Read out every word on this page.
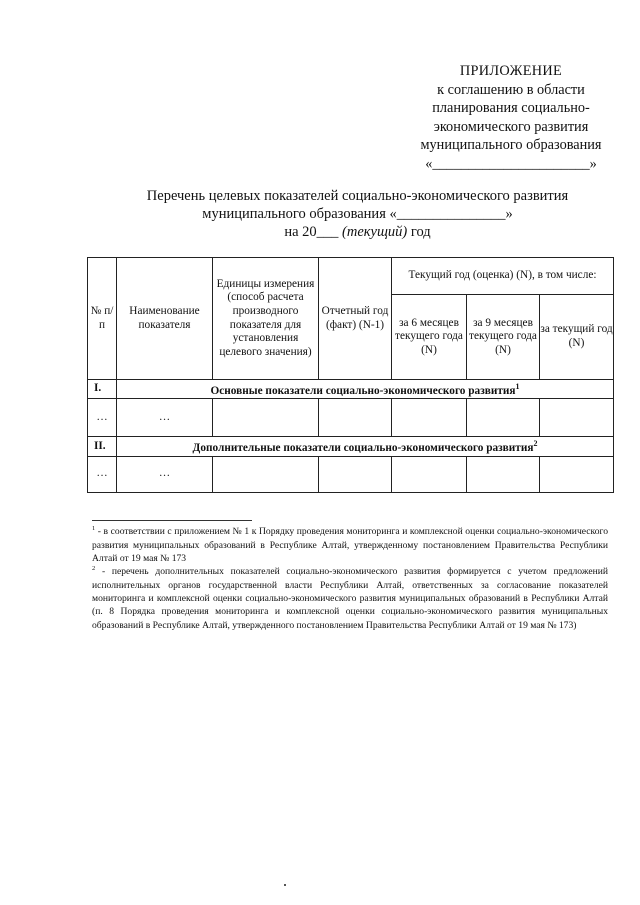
ПРИЛОЖЕНИЕ
к соглашению в области
планирования социально-
экономического развития
муниципального образования
«______________________»
Перечень целевых показателей социально-экономического развития
муниципального образования «_______________»
на 20___ (текущий) год
№ п/п	Наименование показателя	Единицы измерения (способ расчета производного показателя для установления целевого значения)	Отчетный год (факт) (N-1)	Текущий год (оценка) (N), в том числе:		
				за 6 месяцев текущего года (N)	за 9 месяцев текущего года (N)	за текущий год (N)
I.	Основные показатели социально-экономического развития$^1$
…	…					
II.	Дополнительные показатели социально-экономического развития$^2$
…	…					
$^1$ - в соответствии с приложением № 1 к Порядку проведения мониторинга и комплексной оценки социально-экономического развития муниципальных образований в Республике Алтай, утвержденному постановлением Правительства Республики Алтай от 19 мая № 173
$^2$ - перечень дополнительных показателей социально-экономического развития формируется с учетом предложений исполнительных органов государственной власти Республики Алтай, ответственных за согласование показателей мониторинга и комплексной оценки социально-экономического развития муниципальных образований в Республики Алтай (п. 8 Порядка проведения мониторинга и комплексной оценки социально-экономического развития муниципальных образований в Республике Алтай, утвержденного постановлением Правительства Республики Алтай от 19 мая № 173)
